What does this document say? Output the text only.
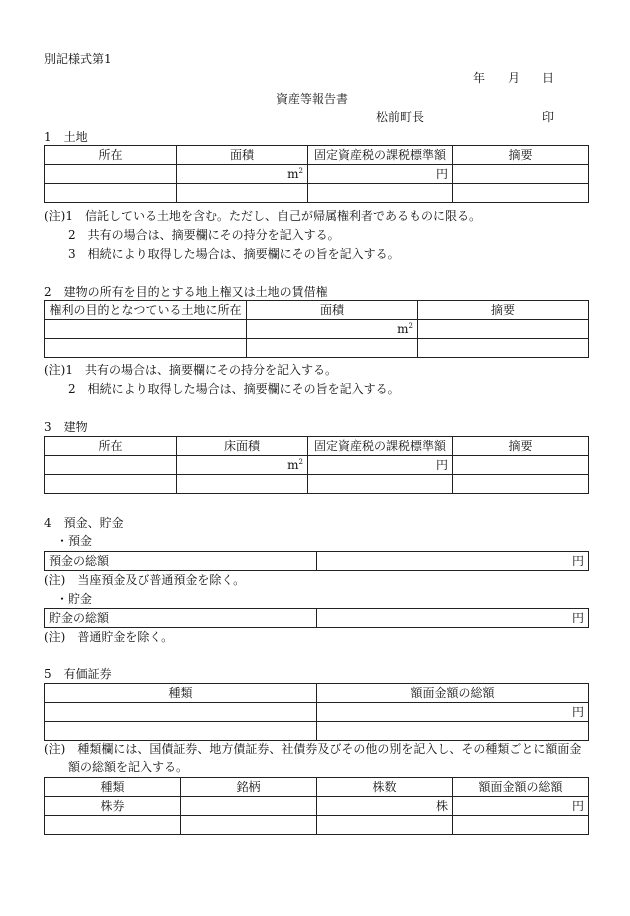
別記様式第1
年 月 日
資産等報告書
松前町長	印
1　土地
所在	面積	固定資産税の課税標準額	摘要
	$m^2$	円	

(注)1　信託している土地を含む。ただし、自己が帰属権利者であるものに限る。
2　共有の場合は、摘要欄にその持分を記入する。
3　相続により取得した場合は、摘要欄にその旨を記入する。
2　建物の所有を目的とする地上権又は土地の賃借権
権利の目的となつている土地に所在	面積	摘要
	$m^2$	

(注)1　共有の場合は、摘要欄にその持分を記入する。
2　相続により取得した場合は、摘要欄にその旨を記入する。
3　建物
所在	床面積	固定資産税の課税標準額	摘要
	$m^2$	円	

4　預金、貯金
・預金
預金の総額	円
(注)　当座預金及び普通預金を除く。
・貯金
貯金の総額	円
(注)　普通貯金を除く。
5　有価証券
種類	額面金額の総額
	円

(注)　種類欄には、国債証券、地方債証券、社債券及びその他の別を記入し、その種類ごとに額面金
額の総額を記入する。
種類	銘柄	株数	額面金額の総額
株券		株	円
